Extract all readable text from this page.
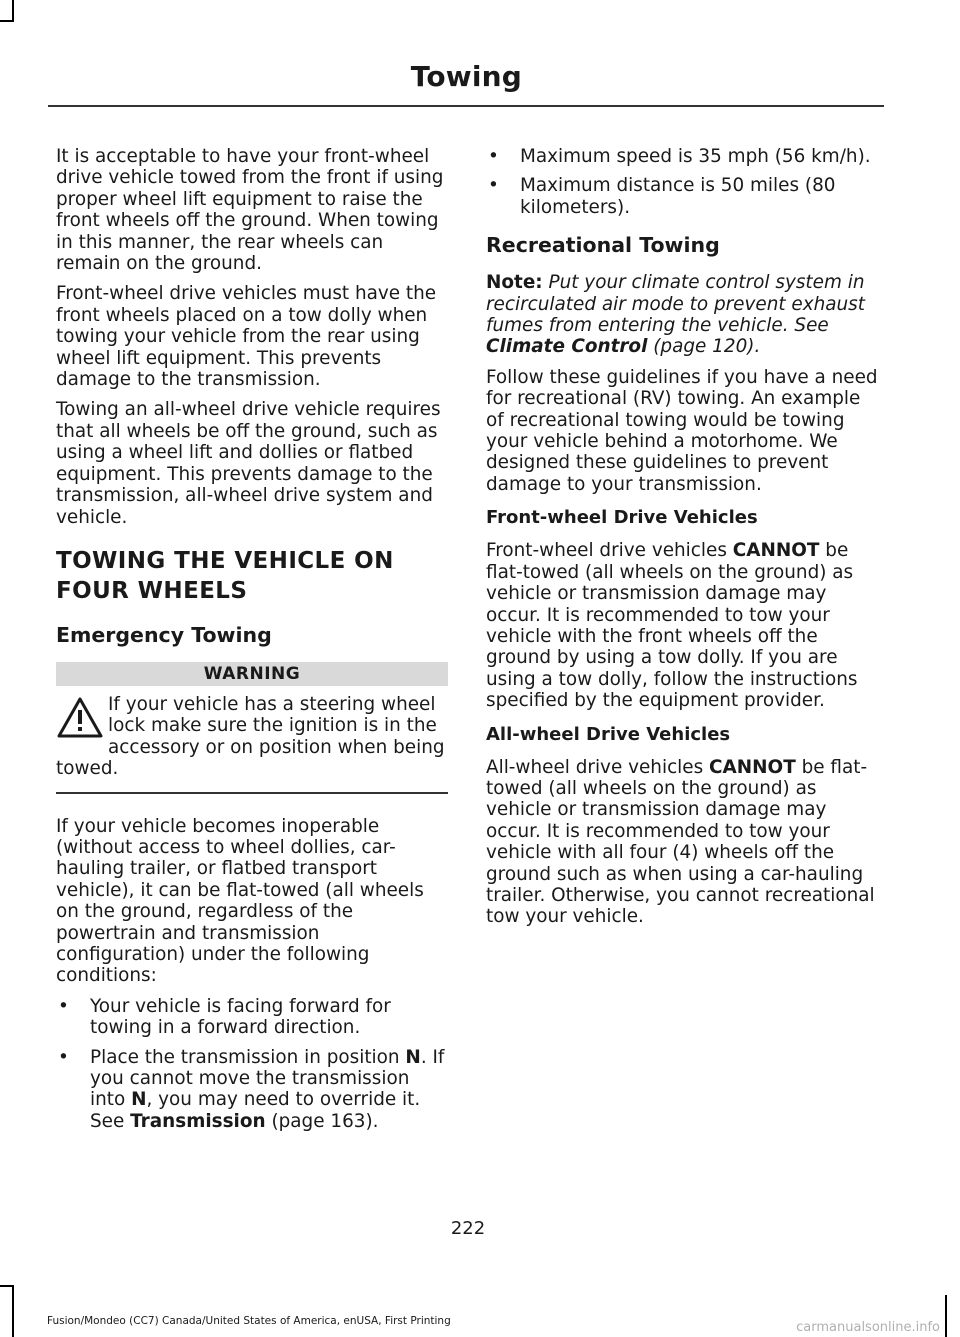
Towing

It is acceptable to have your front-wheel drive vehicle towed from the front if using proper wheel lift equipment to raise the front wheels off the ground. When towing in this manner, the rear wheels can remain on the ground.

Front-wheel drive vehicles must have the front wheels placed on a tow dolly when towing your vehicle from the rear using wheel lift equipment. This prevents damage to the transmission.

Towing an all-wheel drive vehicle requires that all wheels be off the ground, such as using a wheel lift and dollies or flatbed equipment. This prevents damage to the transmission, all-wheel drive system and vehicle.

TOWING THE VEHICLE ON
FOUR WHEELS
Emergency Towing
WARNING
If your vehicle has a steering wheel lock make sure the ignition is in the accessory or on position when being towed.

If your vehicle becomes inoperable (without access to wheel dollies, car-hauling trailer, or flatbed transport vehicle), it can be flat-towed (all wheels on the ground, regardless of the powertrain and transmission configuration) under the following conditions:

• Your vehicle is facing forward for towing in a forward direction.
• Place the transmission in position N. If you cannot move the transmission into N, you may need to override it. See Transmission (page 163).
• Maximum speed is 35 mph (56 km/h).
• Maximum distance is 50 miles (80 kilometers).
Recreational Towing

Note: Put your climate control system in recirculated air mode to prevent exhaust fumes from entering the vehicle. See Climate Control (page 120).

Follow these guidelines if you have a need for recreational (RV) towing. An example of recreational towing would be towing your vehicle behind a motorhome. We designed these guidelines to prevent damage to your transmission.

Front-wheel Drive Vehicles

Front-wheel drive vehicles CANNOT be flat-towed (all wheels on the ground) as vehicle or transmission damage may occur. It is recommended to tow your vehicle with the front wheels off the ground by using a tow dolly. If you are using a tow dolly, follow the instructions specified by the equipment provider.

All-wheel Drive Vehicles

All-wheel drive vehicles CANNOT be flat-towed (all wheels on the ground) as vehicle or transmission damage may occur. It is recommended to tow your vehicle with all four (4) wheels off the ground such as when using a car-hauling trailer. Otherwise, you cannot recreational tow your vehicle.

222
Fusion/Mondeo (CC7) Canada/United States of America, enUSA, First Printing	carmanualsonline.info
